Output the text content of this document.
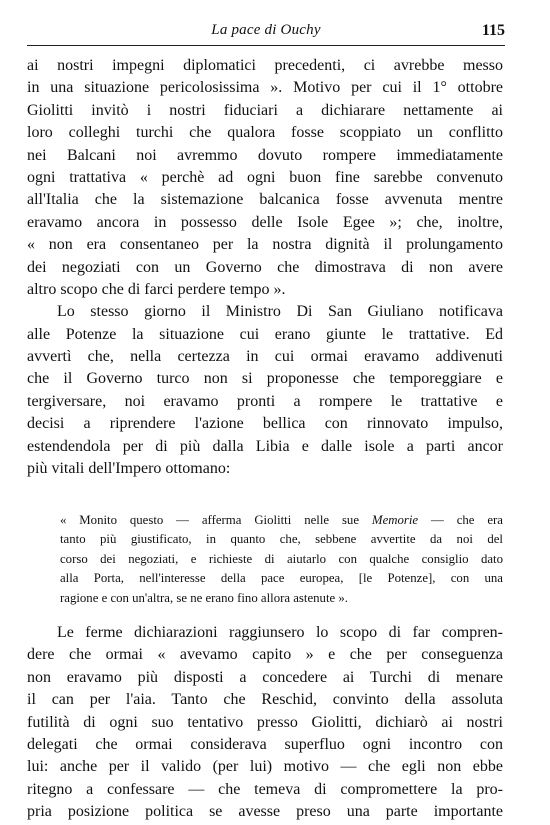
La pace di Ouchy	115
ai nostri impegni diplomatici precedenti, ci avrebbe messo
in una situazione pericolosissima ». Motivo per cui il 1° ottobre
Giolitti invitò i nostri fiduciari a dichiarare nettamente ai
loro colleghi turchi che qualora fosse scoppiato un conflitto
nei Balcani noi avremmo dovuto rompere immediatamente
ogni trattativa « perchè ad ogni buon fine sarebbe convenuto
all'Italia che la sistemazione balcanica fosse avvenuta mentre
eravamo ancora in possesso delle Isole Egee »; che, inoltre,
« non era consentaneo per la nostra dignità il prolungamento
dei negoziati con un Governo che dimostrava di non avere
altro scopo che di farci perdere tempo ».
Lo stesso giorno il Ministro Di San Giuliano notificava
alle Potenze la situazione cui erano giunte le trattative. Ed
avvertì che, nella certezza in cui ormai eravamo addivenuti
che il Governo turco non si proponesse che temporeggiare e
tergiversare, noi eravamo pronti a rompere le trattative e
decisi a riprendere l'azione bellica con rinnovato impulso,
estendendola per di più dalla Libia e dalle isole a parti ancor
più vitali dell'Impero ottomano:
« Monito questo — afferma Giolitti nelle sue Memorie — che era
tanto più giustificato, in quanto che, sebbene avvertite da noi del
corso dei negoziati, e richieste di aiutarlo con qualche consiglio dato
alla Porta, nell'interesse della pace europea, [le Potenze], con una
ragione e con un'altra, se ne erano fino allora astenute ».
Le ferme dichiarazioni raggiunsero lo scopo di far compren-
dere che ormai « avevamo capito » e che per conseguenza
non eravamo più disposti a concedere ai Turchi di menare
il can per l'aia. Tanto che Reschid, convinto della assoluta
futilità di ogni suo tentativo presso Giolitti, dichiarò ai nostri
delegati che ormai considerava superfluo ogni incontro con
lui: anche per il valido (per lui) motivo — che egli non ebbe
ritegno a confessare — che temeva di compromettere la pro-
pria posizione politica se avesse preso una parte importante
